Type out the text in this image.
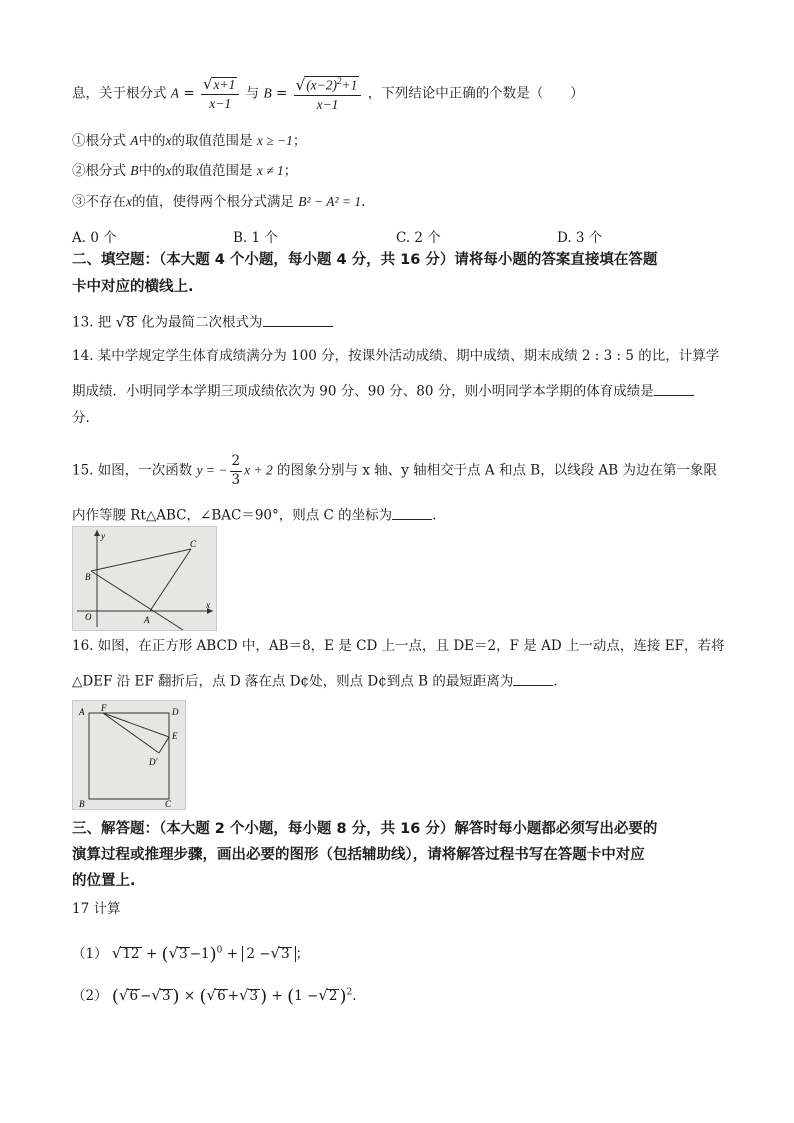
息，关于根分式 $A = \frac{√x+1}{x-1}$ 与 $B = \frac{√(x-2)^2+1}{x-1}$ ，下列结论中正确的个数是（　　）
①根分式 A中的x的取值范围是 x ≥ −1；
②根分式 B中的x的取值范围是 x ≠ 1；
③不存在x的值，使得两个根分式满足 B² − A² = 1.
A. 0 个	B. 1 个	C. 2 个	D. 3 个
二、填空题：（本大题 4 个小题，每小题 4 分，共 16 分）请将每小题的答案直接填在答题
卡中对应的横线上.
13. 把 √8 化为最简二次根式为
14. 某中学规定学生体育成绩满分为 100 分，按课外活动成绩、期中成绩、期末成绩 2 : 3 : 5 的比，计算学
期成绩．小明同学本学期三项成绩依次为 90 分、90 分、80 分，则小明同学本学期的体育成绩是
分.
15. 如图，一次函数 y = − $\frac{2}{3}$ x + 2 的图象分别与 x 轴、y 轴相交于点 A 和点 B，以线段 AB 为边在第一象限
内作等腰 Rt△ABC，∠BAC＝90°，则点 C 的坐标为	.
y
x
O	A
B
C
16. 如图，在正方形 ABCD 中，AB＝8，E 是 CD 上一点，且 DE＝2，F 是 AD 上一动点，连接 EF，若将
△DEF 沿 EF 翻折后，点 D 落在点 D¢处，则点 D¢到点 B 的最短距离为	.
A F	D
E
D'
B	C
三、解答题：（本大题 2 个小题，每小题 8 分，共 16 分）解答时每小题都必须写出必要的
演算过程或推理步骤，画出必要的图形（包括辅助线），请将解答过程书写在答题卡中对应
的位置上.
17 计算
（1） $√12 + (√3 -1)^0 + 2 -√3$ ；
（2） (√6 −√3 ) × (√6 +√3 ) + (1 −√2 )$^2$.
